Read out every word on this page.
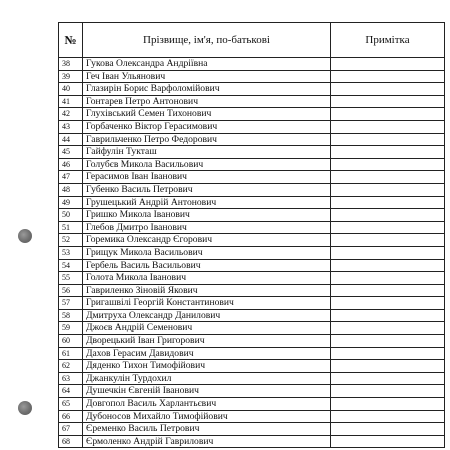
№	Прізвище, ім'я, по-батькові	Примітка
38	Гукова Олександра Андріївна	
39	Геч Іван Ульянович	
40	Глазирін Борис Варфоломійович	
41	Гонтарев Петро Антонович	
42	Глухівський Семен Тихонович	
43	Горбаченко Віктор Герасимович	
44	Гаврильченко Петро Федорович	
45	Гайфулін Тукташ	
46	Голубєв Микола Васильович	
47	Герасимов Іван Іванович	
48	Губенко Василь Петрович	
49	Грушецький Андрій Антонович	
50	Гришко Микола Іванович	
51	Глебов Дмитро Іванович	
52	Горемика Олександр Єгорович	
53	Грищук Микола Васильович	
54	Гербель Василь Васильович	
55	Голота Микола Іванович	
56	Гавриленко Зіновій Якович	
57	Григашвілі Георгій Константинович	
58	Дмитруха Олександр Данилович	
59	Джоєв Андрій Семенович	
60	Дворецький Іван Григорович	
61	Дахов Герасим Давидович	
62	Дяденко Тихон Тимофійович	
63	Джанкулін Турдохил	
64	Душечкін Євгеній Іванович	
65	Довгопол Василь Харлантьєвич	
66	Дубоносов Михайло Тимофійович	
67	Єременко Василь Петрович	
68	Єрмоленко Андрій Гаврилович	
